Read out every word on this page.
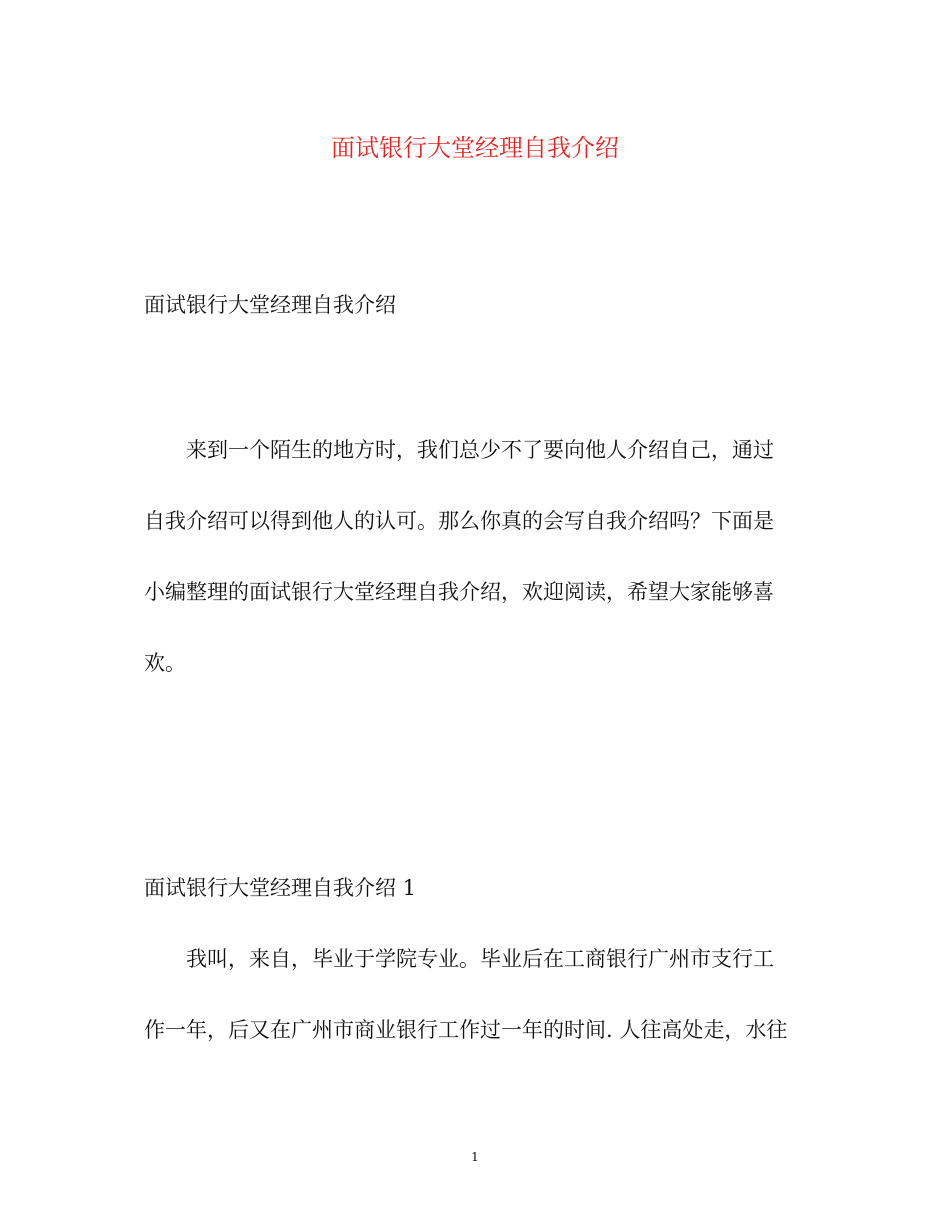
面试银行大堂经理自我介绍
面试银行大堂经理自我介绍
来到一个陌生的地方时，我们总少不了要向他人介绍自己，通过
自我介绍可以得到他人的认可。那么你真的会写自我介绍吗？下面是
小编整理的面试银行大堂经理自我介绍，欢迎阅读，希望大家能够喜
欢。
面试银行大堂经理自我介绍 1
我叫，来自，毕业于学院专业。毕业后在工商银行广州市支行工
作一年，后又在广州市商业银行工作过一年的时间. 人往高处走，水往
1
